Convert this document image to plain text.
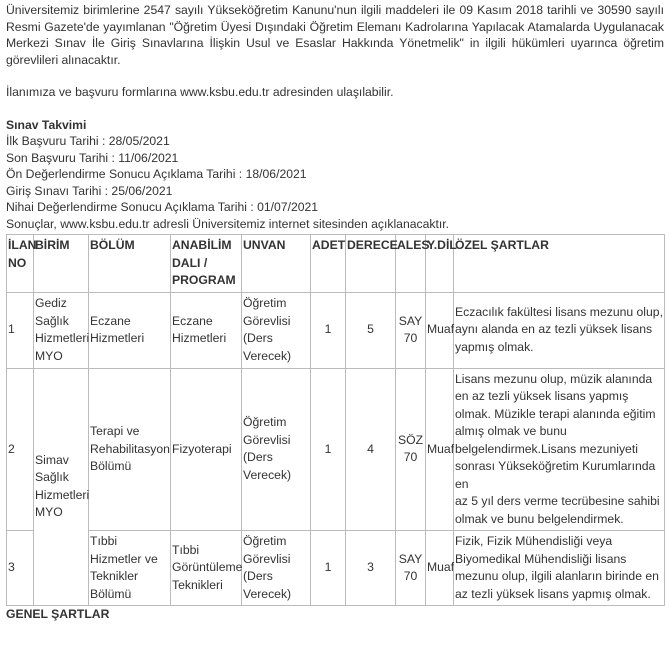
Üniversitemiz birimlerine 2547 sayılı Yükseköğretim Kanunu'nun ilgili maddeleri ile 09 Kasım 2018 tarihli ve 30590 sayılı Resmi Gazete'de yayımlanan "Öğretim Üyesi Dışındaki Öğretim Elemanı Kadrolarına Yapılacak Atamalarda Uygulanacak Merkezi Sınav İle Giriş Sınavlarına İlişkin Usul ve Esaslar Hakkında Yönetmelik" in ilgili hükümleri uyarınca öğretim görevlileri alınacaktır.

İlanımıza ve başvuru formlarına www.ksbu.edu.tr adresinden ulaşılabilir.

Sınav Takvimi

İlk Başvuru Tarihi : 28/05/2021

Son Başvuru Tarihi : 11/06/2021

Ön Değerlendirme Sonucu Açıklama Tarihi : 18/06/2021

Giriş Sınavı Tarihi : 25/06/2021

Nihai Değerlendirme Sonucu Açıklama Tarihi : 01/07/2021

Sonuçlar, www.ksbu.edu.tr adresli Üniversitemiz internet sitesinden açıklanacaktır.

İLAN NO	BİRİM	BÖLÜM	ANABİLİM DALI / PROGRAM	UNVAN	ADET	DERECE	ALES	Y.DİL	ÖZEL ŞARTLAR
1	Gediz Sağlık Hizmetleri MYO	Eczane Hizmetleri	Eczane Hizmetleri	Öğretim Görevlisi (Ders Verecek)	1	5	SAY 70	Muaf	Eczacılık fakültesi lisans mezunu olup, aynı alanda en az tezli yüksek lisans yapmış olmak.
2	Simav Sağlık Hizmetleri MYO	Terapi ve Rehabilitasyon Bölümü	Fizyoterapi	Öğretim Görevlisi (Ders Verecek)	1	4	SÖZ 70	Muaf	Lisans mezunu olup, müzik alanında en az tezli yüksek lisans yapmış olmak. Müzikle terapi alanında eğitim almış olmak ve bunu belgelendirmek.Lisans mezuniyeti sonrası Yükseköğretim Kurumlarında en
az 5 yıl ders verme tecrübesine sahibi olmak ve bunu belgelendirmek.

3		Tıbbi Hizmetler ve Teknikler Bölümü	Tıbbi Görüntüleme Teknikleri	Öğretim Görevlisi (Ders Verecek)	1	3	SAY 70	Muaf	Fizik, Fizik Mühendisliği veya Biyomedikal Mühendisliği lisans mezunu olup, ilgili alanların birinde en az tezli yüksek lisans yapmış olmak.

GENEL ŞARTLAR
